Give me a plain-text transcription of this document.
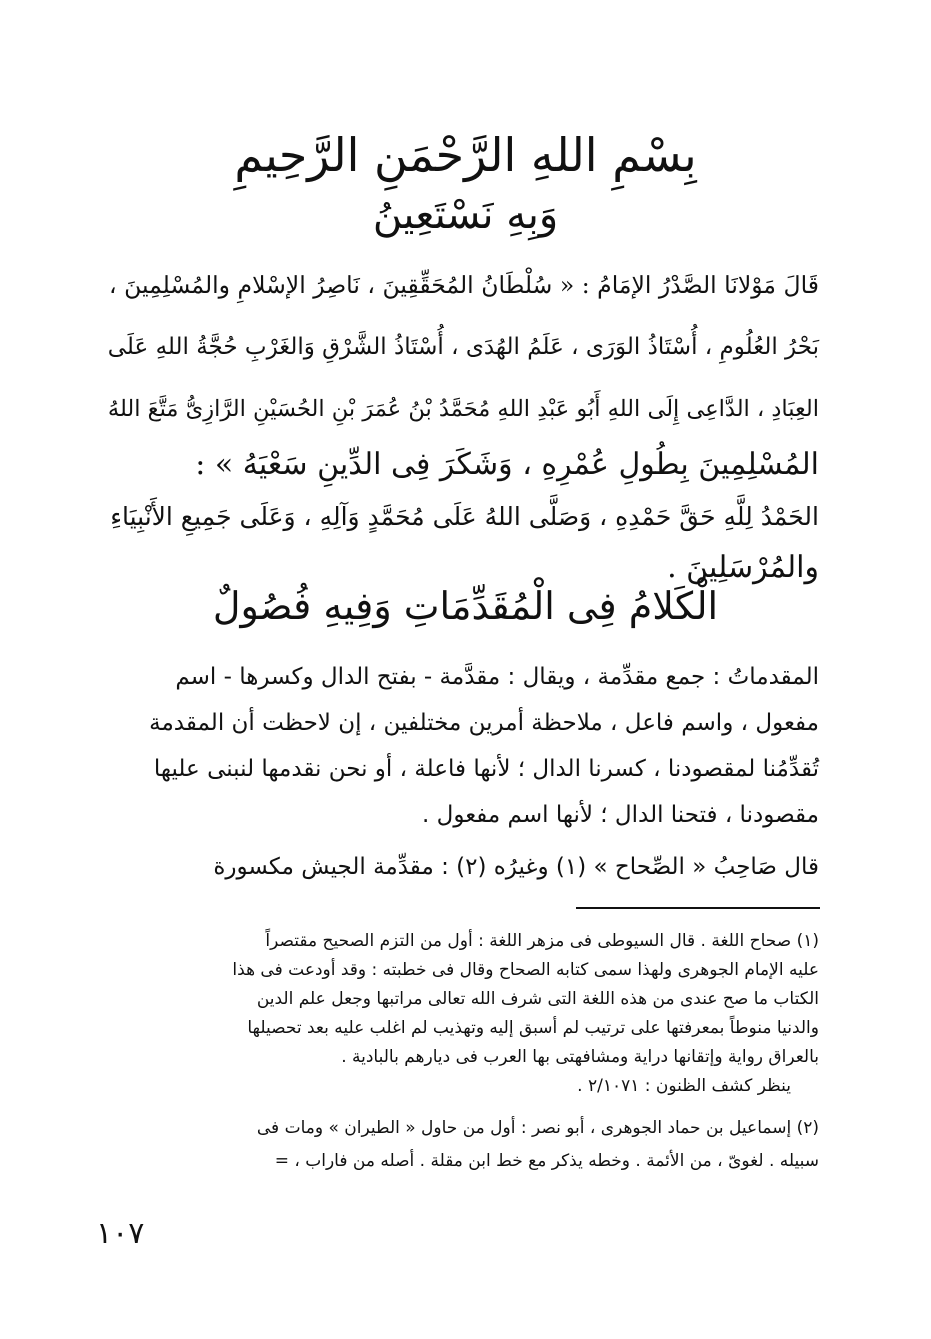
بِسْمِ اللهِ الرَّحْمَنِ الرَّحِيمِ
وَبِهِ نَسْتَعِينُ
قَالَ مَوْلانَا الصَّدْرُ الإمَامُ : « سُلْطَانُ المُحَقِّقِينَ ، نَاصِرُ الإسْلامِ والمُسْلِمِينَ ،
بَحْرُ العُلُومِ ، أُسْتَاذُ الوَرَى ، عَلَمُ الهُدَى ، أُسْتَاذُ الشَّرْقِ وَالغَرْبِ حُجَّةُ اللهِ عَلَى
العِبَادِ ، الدَّاعِى إِلَى اللهِ أَبُو عَبْدِ اللهِ مُحَمَّدُ بْنُ عُمَرَ بْنِ الحُسَيْنِ الرَّازِىُّ مَتَّعَ اللهُ
المُسْلِمِينَ بِطُولِ عُمْرِهِ ، وَشَكَرَ فِى الدِّينِ سَعْيَهُ » :
الحَمْدُ لِلَّهِ حَقَّ حَمْدِهِ ، وَصَلَّى اللهُ عَلَى مُحَمَّدٍ وَآلِهِ ، وَعَلَى جَمِيعِ الأَنْبِيَاءِ
والمُرْسَلِينَ .
الْكَلامُ فِى الْمُقَدِّمَاتِ وَفِيهِ فُصُولٌ
المقدماتُ : جمع مقدِّمة ، ويقال : مقدَّمة - بفتح الدال وكسرها - اسم
مفعول ، واسم فاعل ، ملاحظة أمرين مختلفين ، إن لاحظت أن المقدمة
تُقدِّمُنا لمقصودنا ، كسرنا الدال ؛ لأنها فاعلة ، أو نحن نقدمها لنبنى عليها
مقصودنا ، فتحنا الدال ؛ لأنها اسم مفعول .
قال صَاحِبُ « الصِّحاح » (١) وغيرُه (٢) : مقدِّمة الجيش مكسورة
(١) صحاح اللغة . قال السيوطى فى مزهر اللغة : أول من التزم الصحيح مقتصراً
عليه الإمام الجوهرى ولهذا سمى كتابه الصحاح وقال فى خطبته : وقد أودعت فى هذا
الكتاب ما صح عندى من هذه اللغة التى شرف الله تعالى مراتبها وجعل علم الدين
والدنيا منوطاً بمعرفتها على ترتيب لم أسبق إليه وتهذيب لم اغلب عليه بعد تحصيلها
بالعراق رواية وإتقانها دراية ومشافهتى بها العرب فى ديارهم بالبادية .
ينظر كشف الظنون : ٢/١٠٧١ .
(٢) إسماعيل بن حماد الجوهرى ، أبو نصر : أول من حاول « الطيران » ومات فى
سبيله . لغوىّ ، من الأئمة . وخطه يذكر مع خط ابن مقلة . أصله من فاراب ، =
١٠٧
